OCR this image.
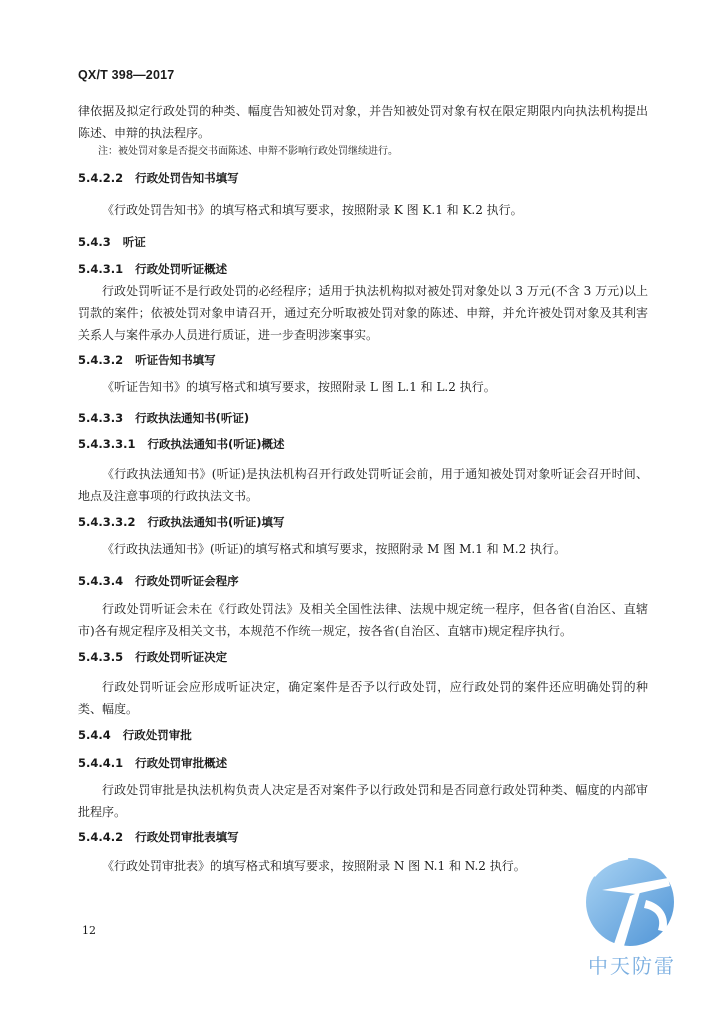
QX/T 398—2017
律依据及拟定行政处罚的种类、幅度告知被处罚对象，并告知被处罚对象有权在限定期限内向执法机构提出陈述、申辩的执法程序。
注：被处罚对象是否提交书面陈述、申辩不影响行政处罚继续进行。
5.4.2.2 行政处罚告知书填写
《行政处罚告知书》的填写格式和填写要求，按照附录 K 图 K.1 和 K.2 执行。
5.4.3 听证
5.4.3.1 行政处罚听证概述
行政处罚听证不是行政处罚的必经程序；适用于执法机构拟对被处罚对象处以 3 万元(不含 3 万元)以上罚款的案件；依被处罚对象申请召开，通过充分听取被处罚对象的陈述、申辩，并允许被处罚对象及其利害关系人与案件承办人员进行质证，进一步查明涉案事实。
5.4.3.2 听证告知书填写
《听证告知书》的填写格式和填写要求，按照附录 L 图 L.1 和 L.2 执行。
5.4.3.3 行政执法通知书(听证)
5.4.3.3.1 行政执法通知书(听证)概述
《行政执法通知书》(听证)是执法机构召开行政处罚听证会前，用于通知被处罚对象听证会召开时间、地点及注意事项的行政执法文书。
5.4.3.3.2 行政执法通知书(听证)填写
《行政执法通知书》(听证)的填写格式和填写要求，按照附录 M 图 M.1 和 M.2 执行。
5.4.3.4 行政处罚听证会程序
行政处罚听证会未在《行政处罚法》及相关全国性法律、法规中规定统一程序，但各省(自治区、直辖市)各有规定程序及相关文书，本规范不作统一规定，按各省(自治区、直辖市)规定程序执行。
5.4.3.5 行政处罚听证决定
行政处罚听证会应形成听证决定，确定案件是否予以行政处罚，应行政处罚的案件还应明确处罚的种类、幅度。
5.4.4 行政处罚审批
5.4.4.1 行政处罚审批概述
行政处罚审批是执法机构负责人决定是否对案件予以行政处罚和是否同意行政处罚种类、幅度的内部审批程序。
5.4.4.2 行政处罚审批表填写
《行政处罚审批表》的填写格式和填写要求，按照附录 N 图 N.1 和 N.2 执行。
12
中天防雷
